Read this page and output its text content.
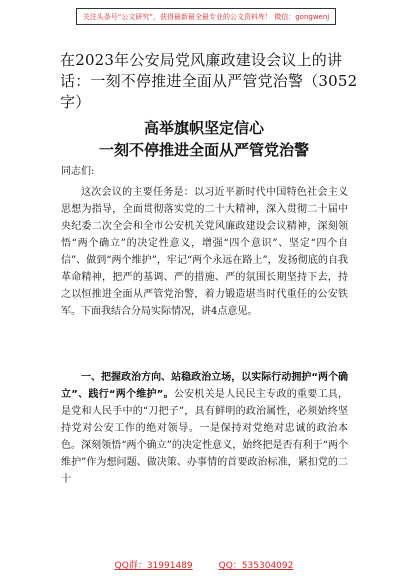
关注头条号“公文研究”，获得最新最全最专业的公文资料库！ 微信：gongwenj
在2023年公安局党风廉政建设会议上的讲话：一刻不停推进全面从严管党治警（3052字）
高举旗帜坚定信心
一刻不停推进全面从严管党治警
同志们:

这次会议的主要任务是：以习近平新时代中国特色社会主义思想为指导，全面贯彻落实党的二十大精神，深入贯彻二十届中央纪委二次全会和全市公安机关党风廉政建设会议精神，深刻领悟“两个确立”的决定性意义，增强“四个意识”、坚定“四个自信”、做到“两个维护”，牢记“两个永远在路上”，发扬彻底的自我革命精神，把严的基调、严的措施、严的氛围长期坚持下去，持之以恒推进全面从严管党治警，着力锻造堪当时代重任的公安铁军。下面我结合分局实际情况，讲4点意见。

一、把握政治方向、站稳政治立场，以实际行动拥护“两个确立”、践行“两个维护”。公安机关是人民民主专政的重要工具，是党和人民手中的“刀把子”，具有鲜明的政治属性，必须始终坚持党对公安工作的绝对领导。一是保持对党绝对忠诚的政治本色。深刻领悟“两个确立”的决定性意义，始终把是否有利于“两个维护”作为想问题、做决策、办事情的首要政治标准，紧扣党的二十

QQ群：31991489	QQ：535304092
